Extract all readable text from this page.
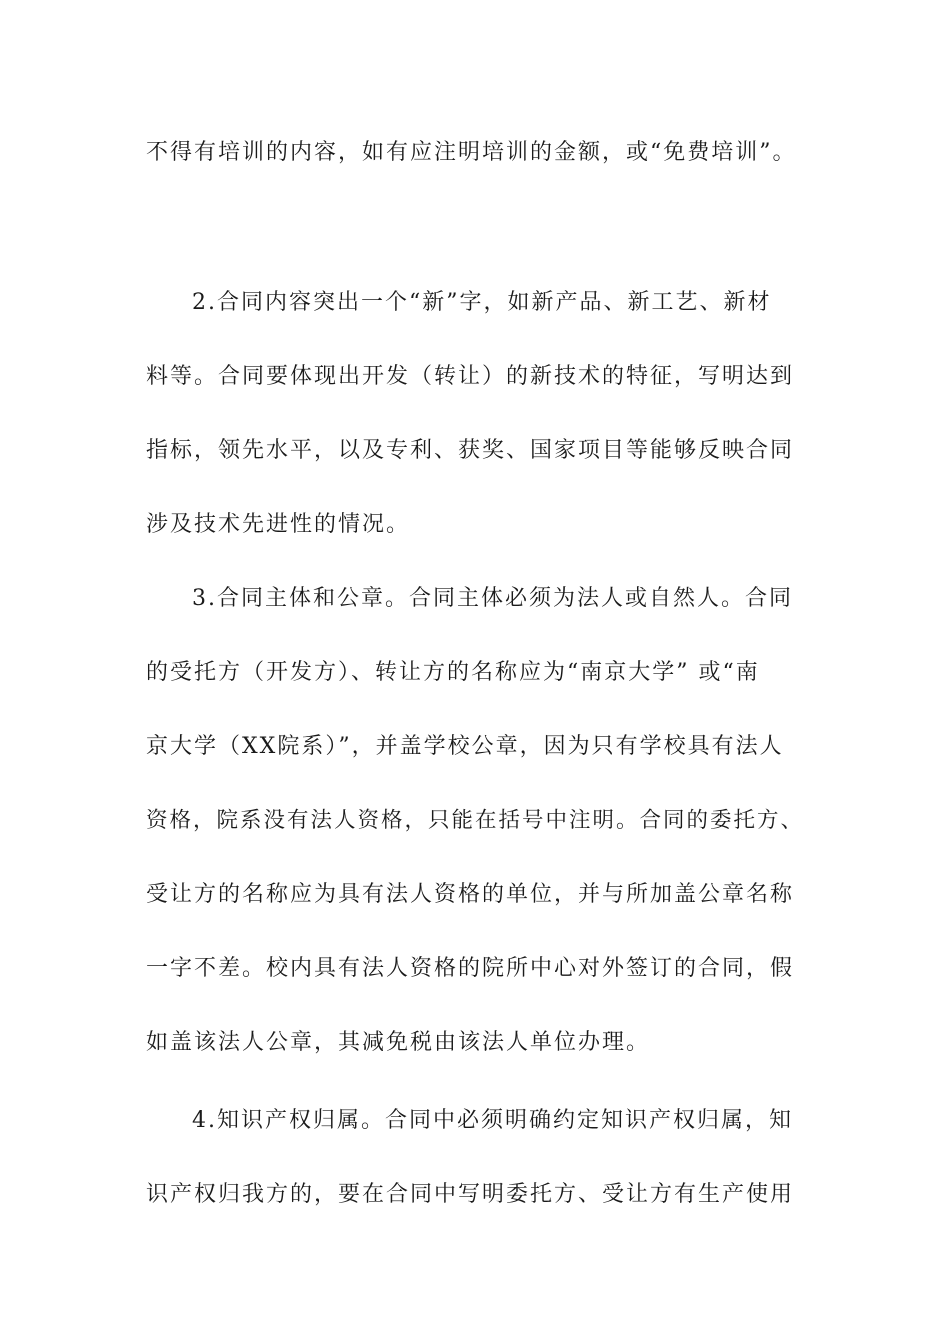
不得有培训的内容，如有应注明培训的金额，或“免费培训”。
2.合同内容突出一个“新”字，如新产品、新工艺、新材
料等。合同要体现出开发（转让）的新技术的特征，写明达到
指标，领先水平，以及专利、获奖、国家项目等能够反映合同
涉及技术先进性的情况。
3.合同主体和公章。合同主体必须为法人或自然人。合同
的受托方（开发方）、转让方的名称应为“南京大学” 或“南
京大学（XX院系）”，并盖学校公章，因为只有学校具有法人
资格，院系没有法人资格，只能在括号中注明。合同的委托方、
受让方的名称应为具有法人资格的单位，并与所加盖公章名称
一字不差。校内具有法人资格的院所中心对外签订的合同，假
如盖该法人公章，其减免税由该法人单位办理。
4.知识产权归属。合同中必须明确约定知识产权归属，知
识产权归我方的，要在合同中写明委托方、受让方有生产使用
